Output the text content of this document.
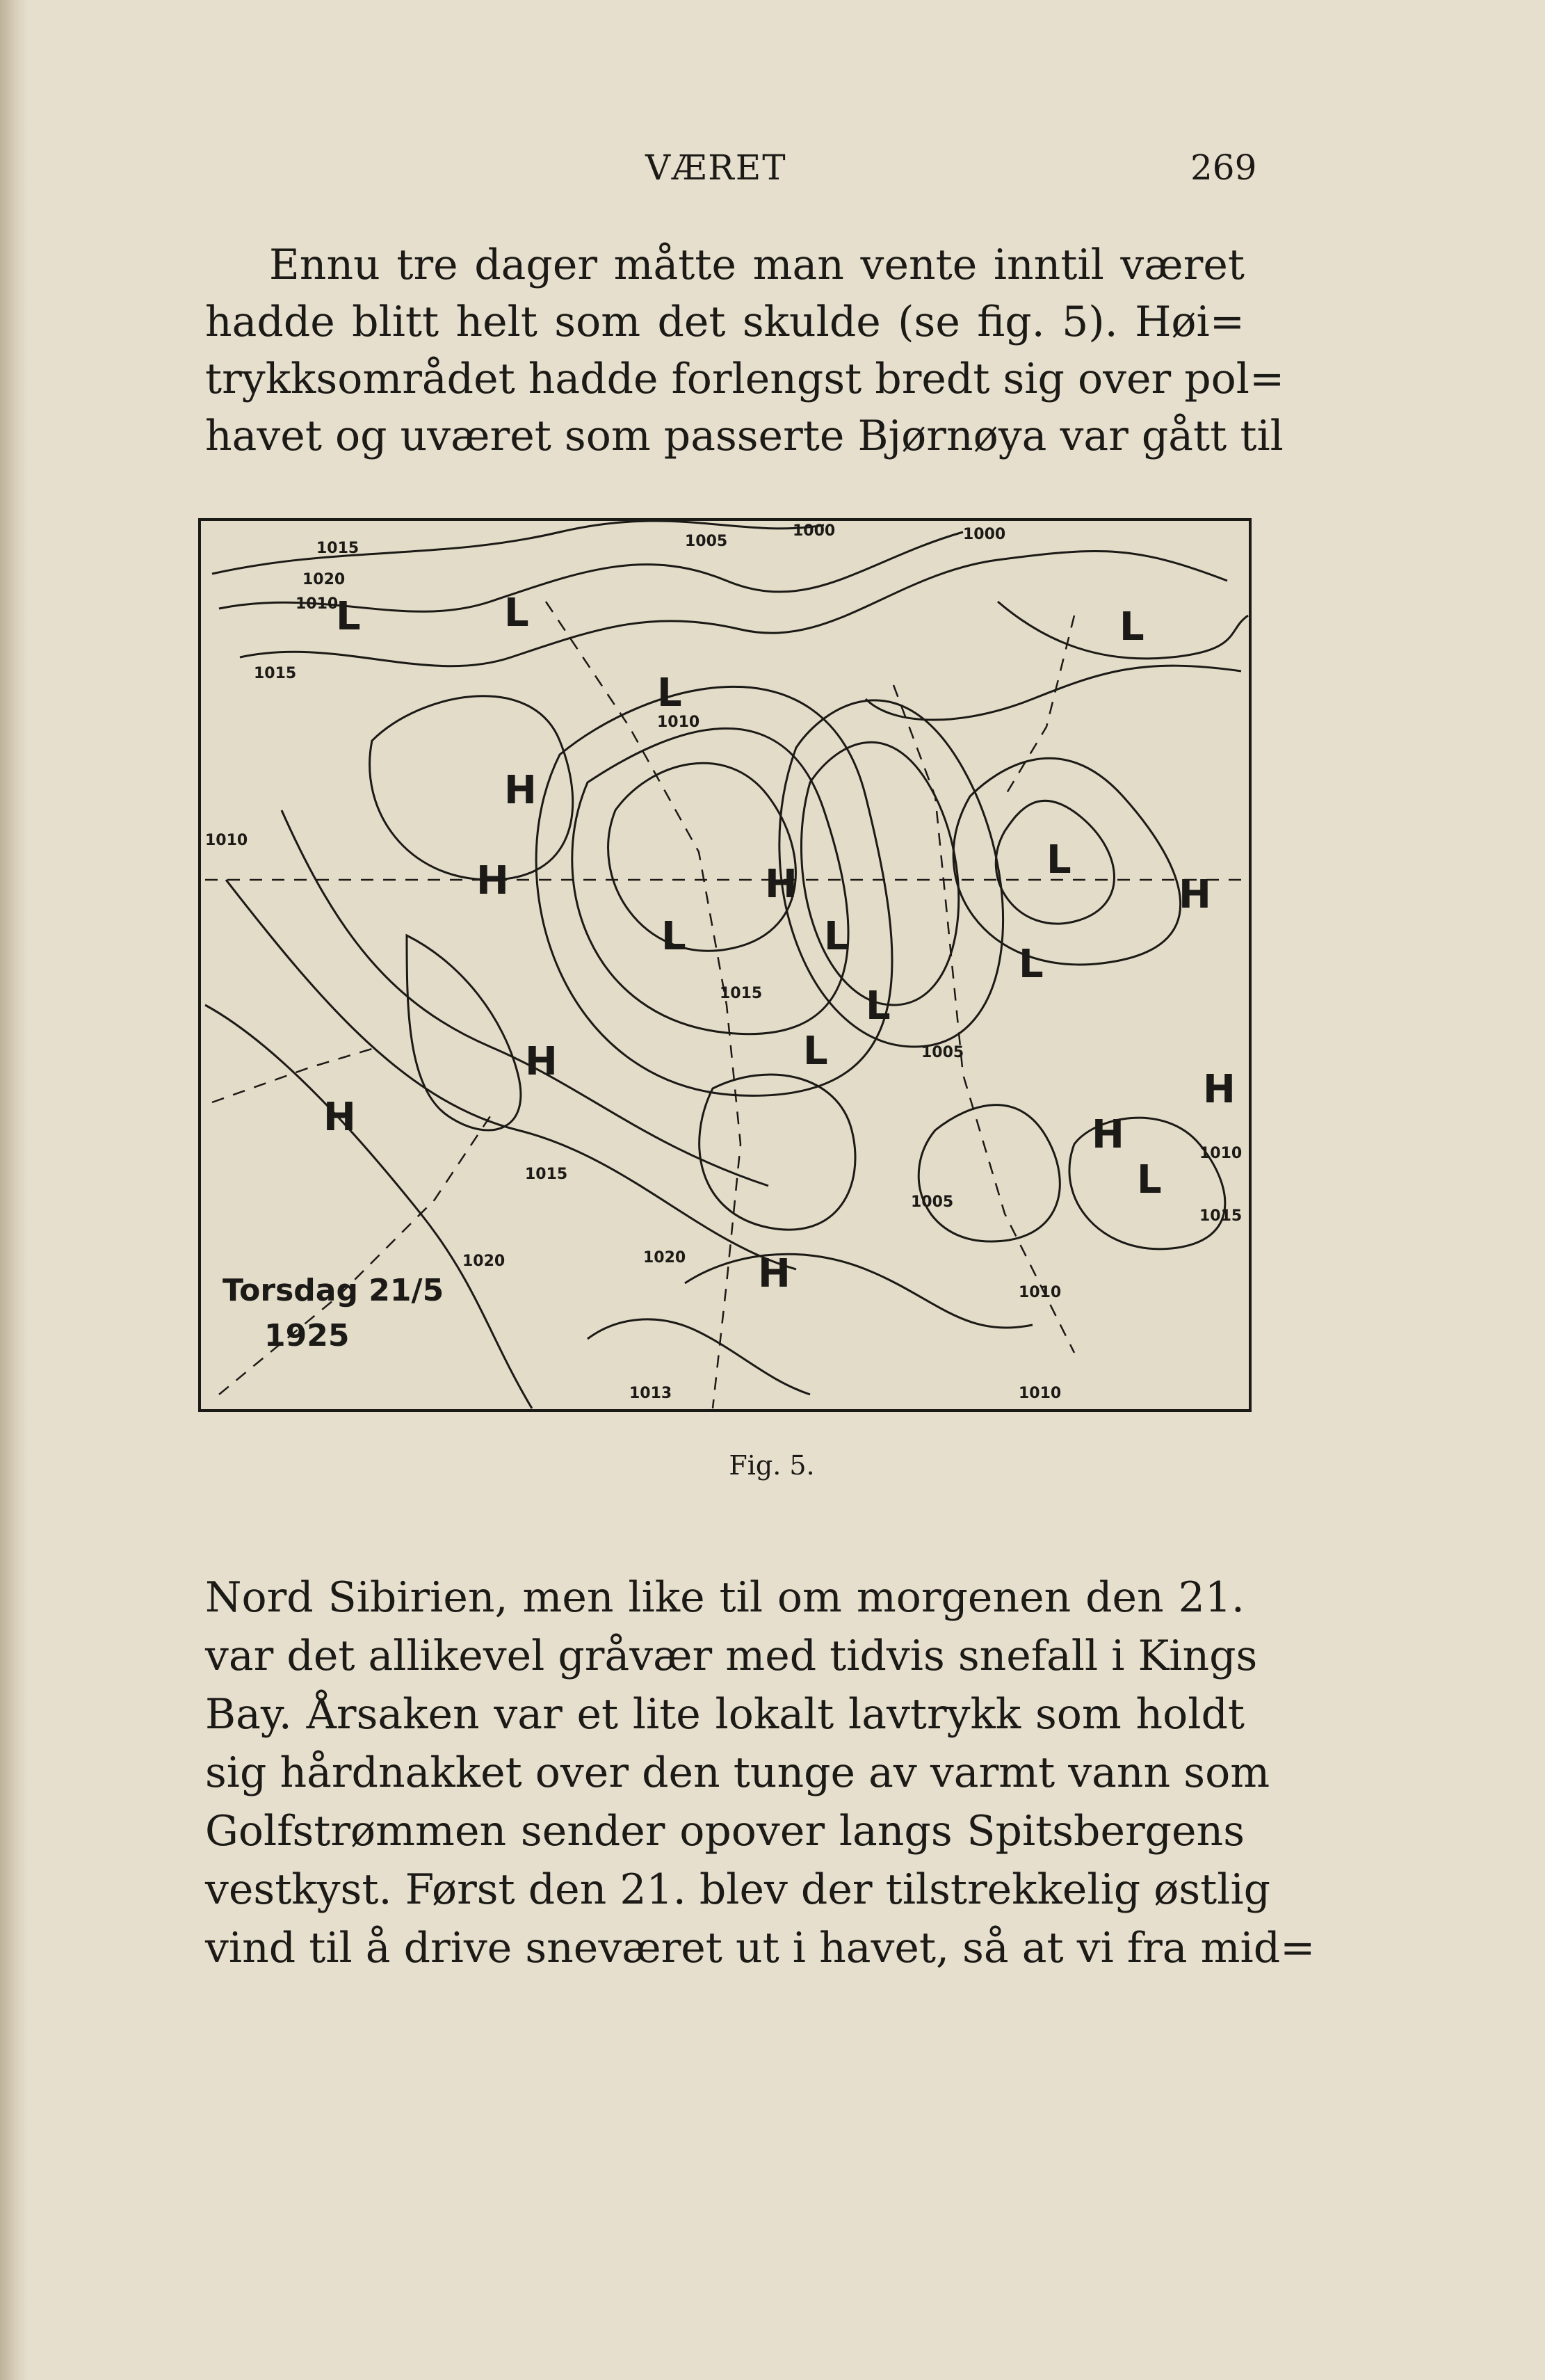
VÆRET	269
Ennu tre dager måtte man vente inntil været
hadde blitt helt som det skulde (se fig. 5). Høi=
trykksområdet hadde forlengst bredt sig over pol=
havet og uværet som passerte Bjørnøya var gått til
L	L
L	L
L
L
L
L
L
L
L
H
H	H
H
H
H
H
H
H
1020
1015
1010
1005
1000
1015
1010
1020
1005
1013	1010
1015
1020
1005
1010
1015
1010
1000
1015
1010
Torsdag 21/5
1925
Fig. 5.
Nord Sibirien, men like til om morgenen den 21.
var det allikevel gråvær med tidvis snefall i Kings
Bay. Årsaken var et lite lokalt lavtrykk som holdt
sig hårdnakket over den tunge av varmt vann som
Golfstrømmen sender opover langs Spitsbergens
vestkyst. Først den 21. blev der tilstrekkelig østlig
vind til å drive sneværet ut i havet, så at vi fra mid=
